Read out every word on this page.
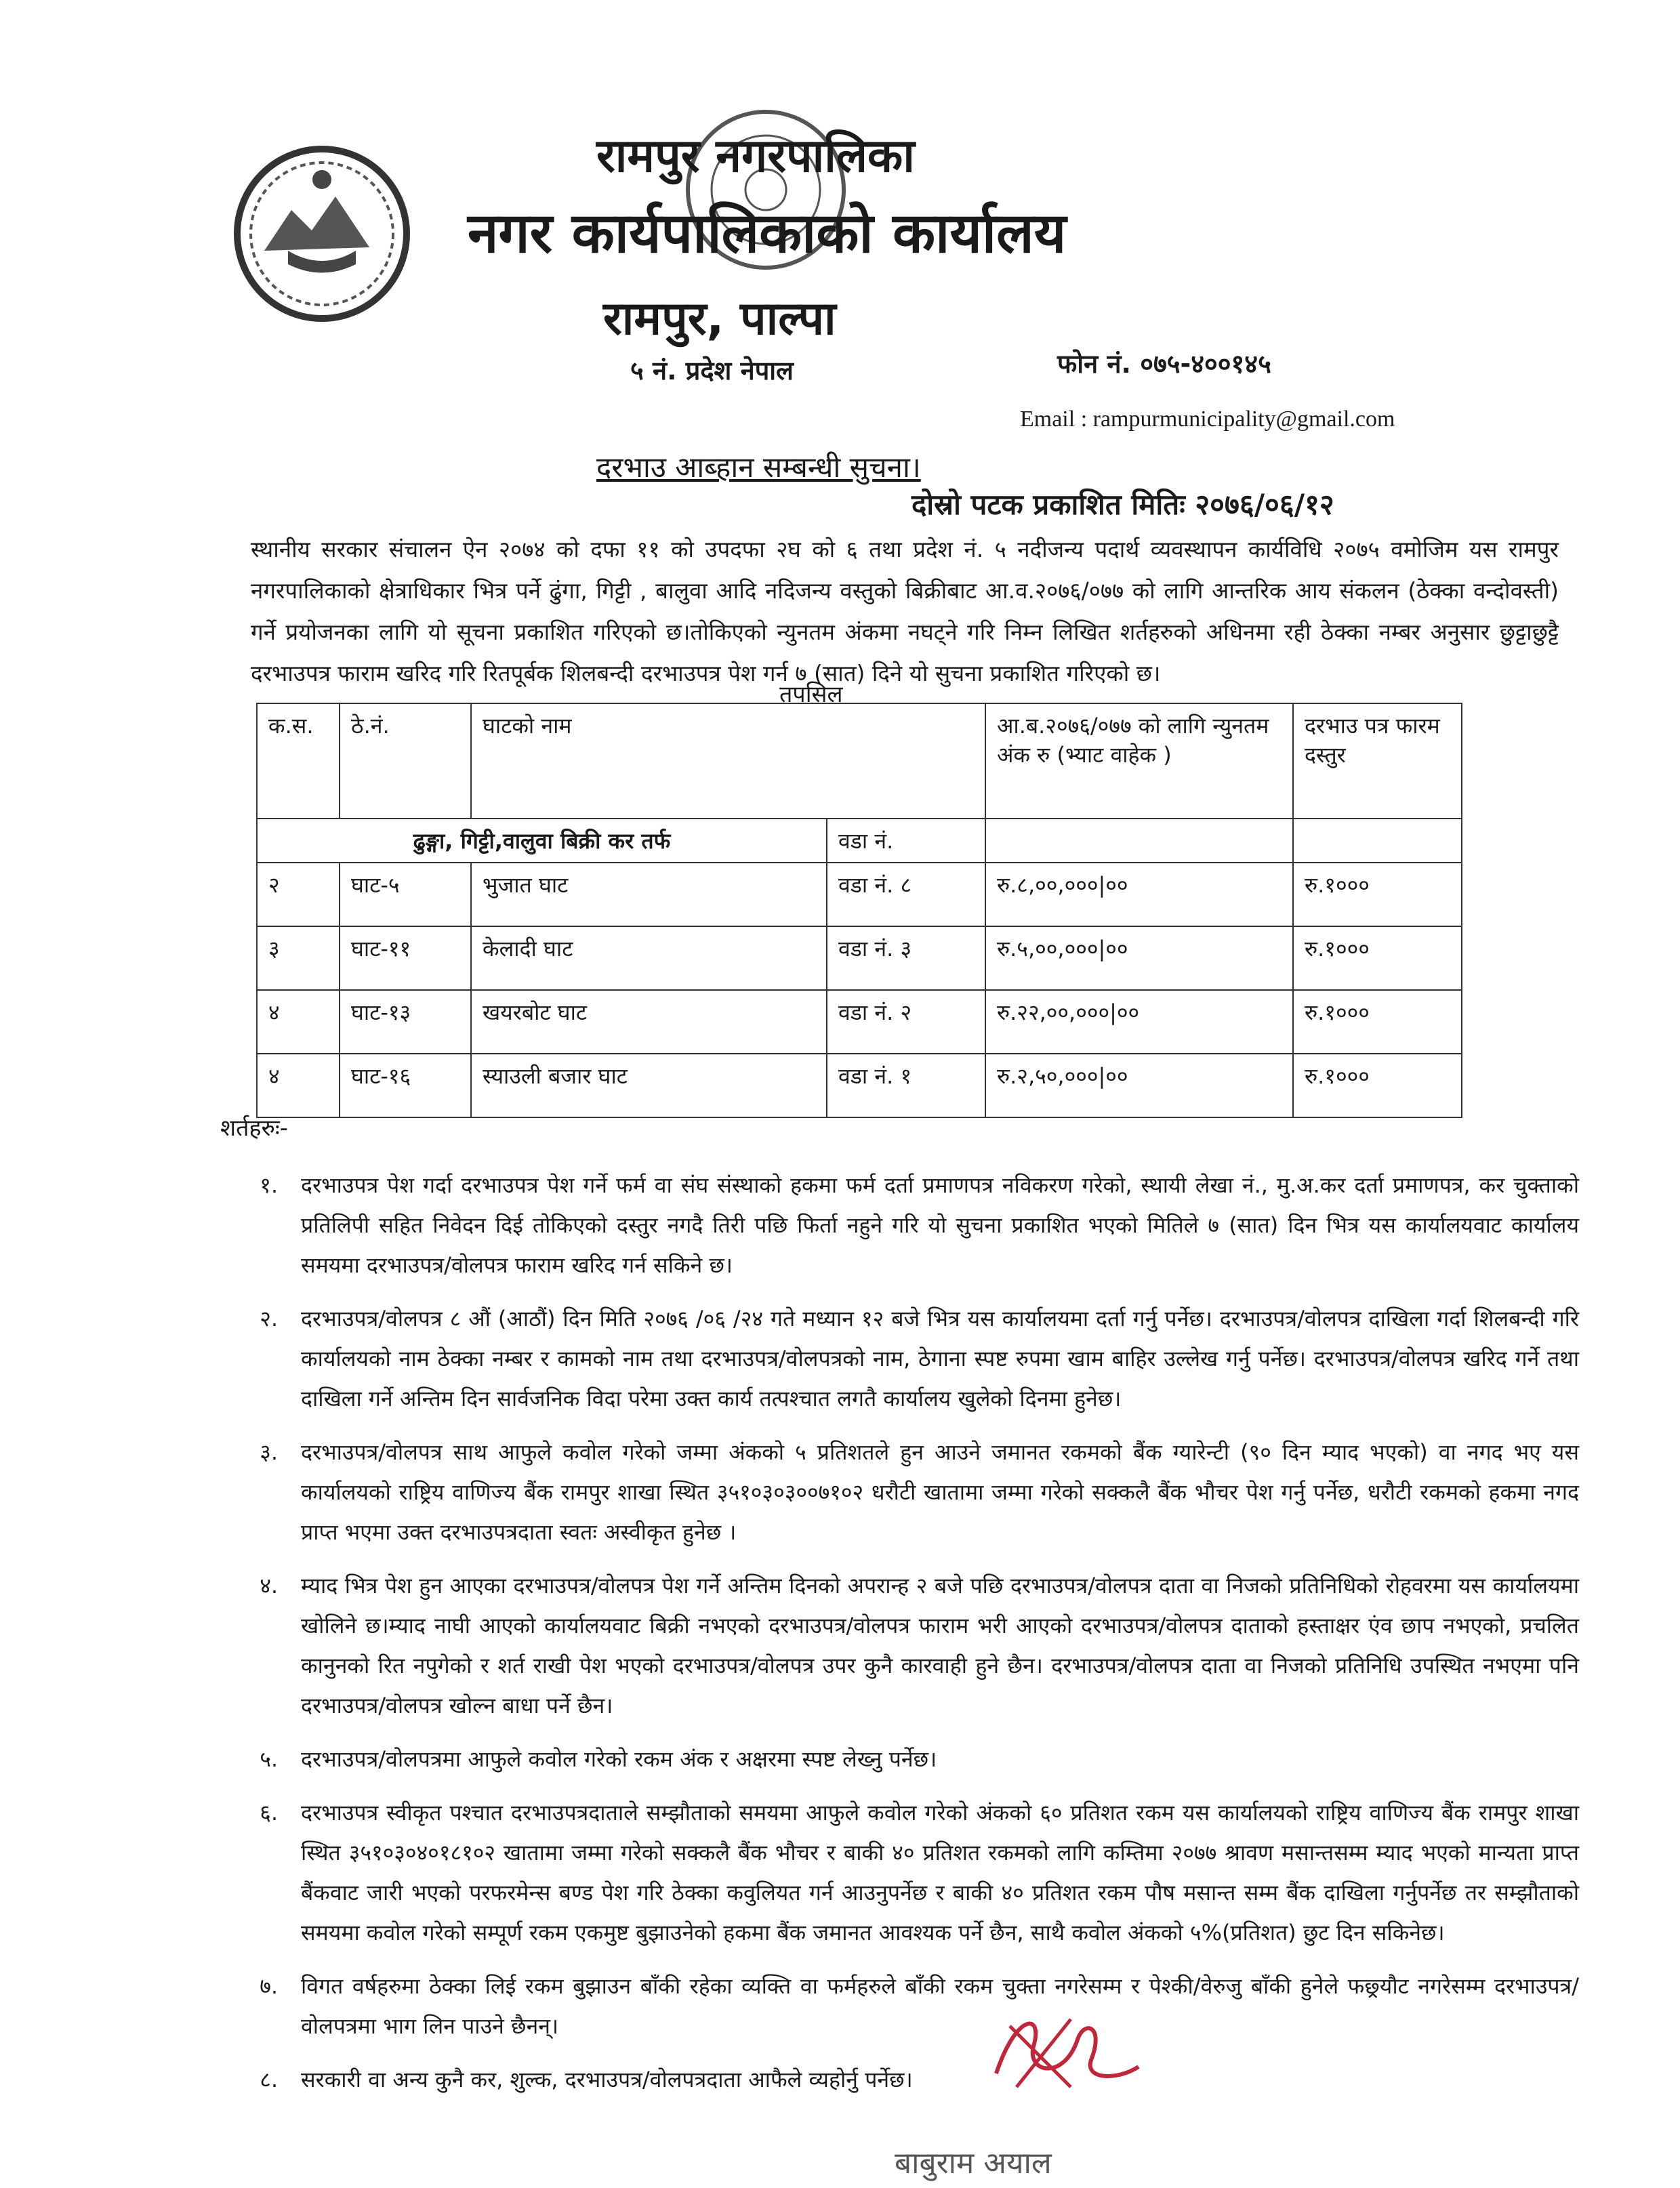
रामपुर नगरपालिका
नगर कार्यपालिकाको कार्यालय
रामपुर, पाल्पा
५ नं. प्रदेश नेपाल	फोन नं. ०७५-४००१४५
Email : rampurmunicipality@gmail.com
दरभाउ आब्हान सम्बन्धी सुचना।
दोस्रो पटक प्रकाशित मितिः २०७६/०६/१२

स्थानीय सरकार संचालन ऐन २०७४ को दफा ११ को उपदफा २घ को ६ तथा प्रदेश नं. ५ नदीजन्य पदार्थ व्यवस्थापन कार्यविधि २०७५ वमोजिम यस रामपुर नगरपालिकाको क्षेत्राधिकार भित्र पर्ने ढुंगा, गिट्टी , बालुवा आदि नदिजन्य वस्तुको बिक्रीबाट आ.व.२०७६/०७७ को लागि आन्तरिक आय संकलन (ठेक्का वन्दोवस्ती) गर्ने प्रयोजनका लागि यो सूचना प्रकाशित गरिएको छ।तोकिएको न्युनतम अंकमा नघट्ने गरि निम्न लिखित शर्तहरुको अधिनमा रही ठेक्का नम्बर अनुसार छुट्टाछुट्टै दरभाउपत्र फाराम खरिद गरि रितपूर्बक शिलबन्दी दरभाउपत्र पेश गर्न ७ (सात) दिने यो सुचना प्रकाशित गरिएको छ।

तपसिल
क.स.	ठे.नं.	घाटको नाम		आ.ब.२०७६/०७७ को लागि न्युनतम अंक रु (भ्याट वाहेक )	दरभाउ पत्र फारम दस्तुर
ढुङ्गा, गिट्टी,वालुवा बिक्री कर तर्फ			वडा नं.		
२	घाट-५	भुजात घाट	वडा नं. ८	रु.८,००,०००|००	रु.१०००
३	घाट-११	केलादी घाट	वडा नं. ३	रु.५,००,०००|००	रु.१०००
४	घाट-१३	खयरबोट घाट	वडा नं. २	रु.२२,००,०००|००	रु.१०००
४	घाट-१६	स्याउली बजार घाट	वडा नं. १	रु.२,५०,०००|००	रु.१०००
शर्तहरुः-
१.	दरभाउपत्र पेश गर्दा दरभाउपत्र पेश गर्ने फर्म वा संघ संस्थाको हकमा फर्म दर्ता प्रमाणपत्र नविकरण गरेको, स्थायी लेखा नं., मु.अ.कर दर्ता प्रमाणपत्र, कर चुक्ताको प्रतिलिपी सहित निवेदन दिई तोकिएको दस्तुर नगदै तिरी पछि फिर्ता नहुने गरि यो सुचना प्रकाशित भएको मितिले ७ (सात) दिन भित्र यस कार्यालयवाट कार्यालय समयमा दरभाउपत्र/वोलपत्र फाराम खरिद गर्न सकिने छ।
२.	दरभाउपत्र/वोलपत्र ८ औं (आठौं) दिन मिति २०७६ /०६ /२४ गते मध्यान १२ बजे भित्र यस कार्यालयमा दर्ता गर्नु पर्नेछ। दरभाउपत्र/वोलपत्र दाखिला गर्दा शिलबन्दी गरि कार्यालयको नाम ठेक्का नम्बर र कामको नाम तथा दरभाउपत्र/वोलपत्रको नाम, ठेगाना स्पष्ट रुपमा खाम बाहिर उल्लेख गर्नु पर्नेछ। दरभाउपत्र/वोलपत्र खरिद गर्ने तथा दाखिला गर्ने अन्तिम दिन सार्वजनिक विदा परेमा उक्त कार्य तत्पश्चात लगतै कार्यालय खुलेको दिनमा हुनेछ।
३.	दरभाउपत्र/वोलपत्र साथ आफुले कवोल गरेको जम्मा अंकको ५ प्रतिशतले हुन आउने जमानत रकमको बैंक ग्यारेन्टी (९० दिन म्याद भएको) वा नगद भए यस कार्यालयको राष्ट्रिय वाणिज्य बैंक रामपुर शाखा स्थित ३५१०३०३००७१०२ धरौटी खातामा जम्मा गरेको सक्कलै बैंक भौचर पेश गर्नु पर्नेछ, धरौटी रकमको हकमा नगद प्राप्त भएमा उक्त दरभाउपत्रदाता स्वतः अस्वीकृत हुनेछ ।
४.	म्याद भित्र पेश हुन आएका दरभाउपत्र/वोलपत्र पेश गर्ने अन्तिम दिनको अपरान्ह २ बजे पछि दरभाउपत्र/वोलपत्र दाता वा निजको प्रतिनिधिको रोहवरमा यस कार्यालयमा खोलिने छ।म्याद नाघी आएको कार्यालयवाट बिक्री नभएको दरभाउपत्र/वोलपत्र फाराम भरी आएको दरभाउपत्र/वोलपत्र दाताको हस्ताक्षर एंव छाप नभएको, प्रचलित कानुनको रित नपुगेको र शर्त राखी पेश भएको दरभाउपत्र/वोलपत्र उपर कुनै कारवाही हुने छैन। दरभाउपत्र/वोलपत्र दाता वा निजको प्रतिनिधि उपस्थित नभएमा पनि दरभाउपत्र/वोलपत्र खोल्न बाधा पर्ने छैन।
५.	दरभाउपत्र/वोलपत्रमा आफुले कवोल गरेको रकम अंक र अक्षरमा स्पष्ट लेख्नु पर्नेछ।
६.	दरभाउपत्र स्वीकृत पश्चात दरभाउपत्रदाताले सम्झौताको समयमा आफुले कवोल गरेको अंकको ६० प्रतिशत रकम यस कार्यालयको राष्ट्रिय वाणिज्य बैंक रामपुर शाखा स्थित ३५१०३०४०१८१०२ खातामा जम्मा गरेको सक्कलै बैंक भौचर र बाकी ४० प्रतिशत रकमको लागि कम्तिमा २०७७ श्रावण मसान्तसम्म म्याद भएको मान्यता प्राप्त बैंकवाट जारी भएको परफरमेन्स बण्ड पेश गरि ठेक्का कवुलियत गर्न आउनुपर्नेछ र बाकी ४० प्रतिशत रकम पौष मसान्त सम्म बैंक दाखिला गर्नुपर्नेछ तर सम्झौताको समयमा कवोल गरेको सम्पूर्ण रकम एकमुष्ट बुझाउनेको हकमा बैंक जमानत आवश्यक पर्ने छैन, साथै कवोल अंकको ५%(प्रतिशत) छुट दिन सकिनेछ।
७.	विगत वर्षहरुमा ठेक्का लिई रकम बुझाउन बाँकी रहेका व्यक्ति वा फर्महरुले बाँकी रकम चुक्ता नगरेसम्म र पेश्की/वेरुजु बाँकी हुनेले फछ्र्यौट नगरेसम्म दरभाउपत्र/वोलपत्रमा भाग लिन पाउने छैनन्।
८.	सरकारी वा अन्य कुनै कर, शुल्क, दरभाउपत्र/वोलपत्रदाता आफैले व्यहोर्नु पर्नेछ।
बाबुराम अयाल
